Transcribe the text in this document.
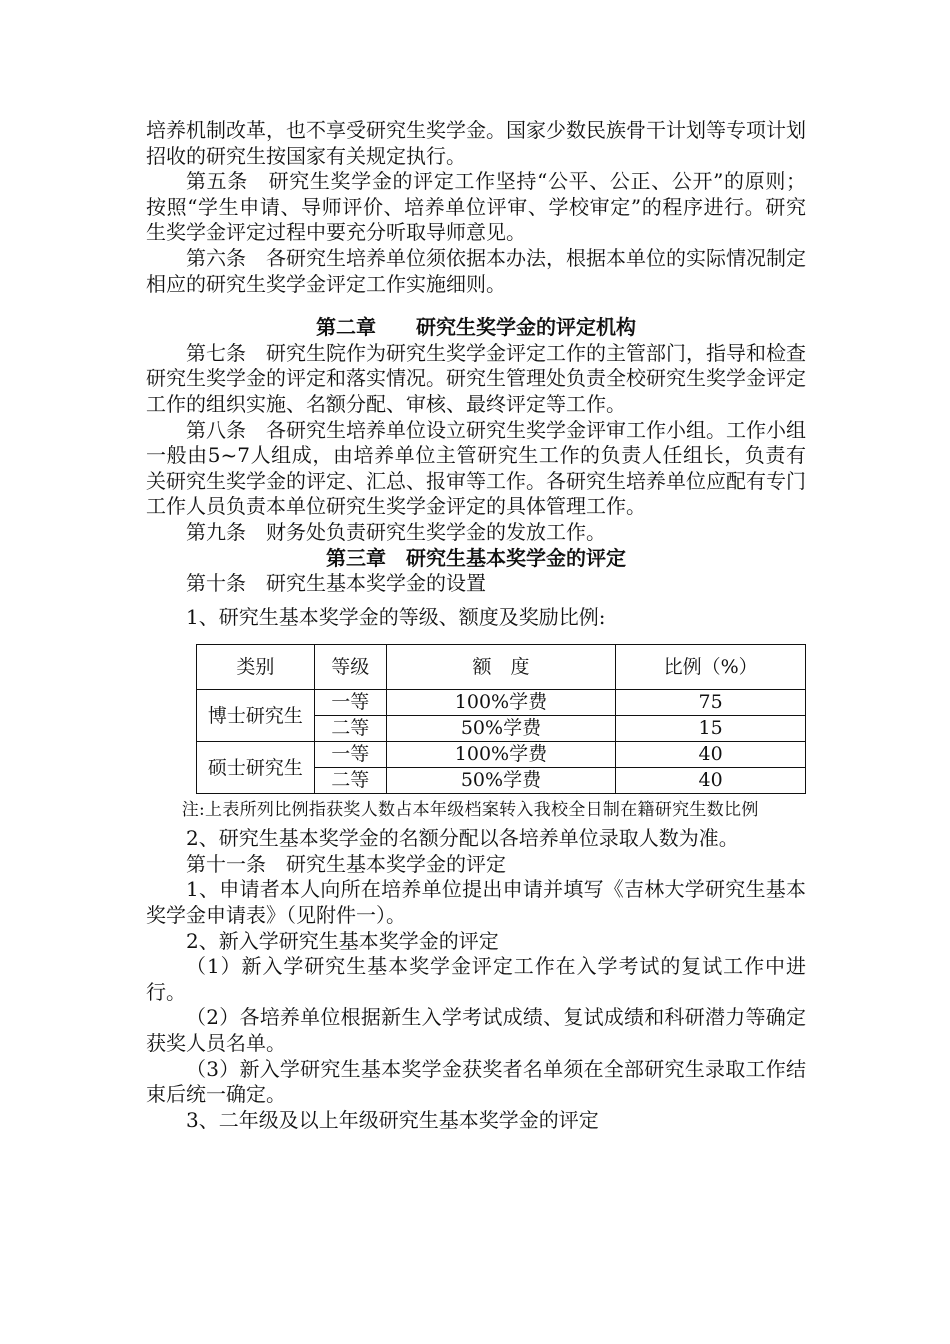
培养机制改革，也不享受研究生奖学金。国家少数民族骨干计划等专项计划招收的研究生按国家有关规定执行。

第五条　研究生奖学金的评定工作坚持“公平、公正、公开”的原则；按照“学生申请、导师评价、培养单位评审、学校审定”的程序进行。研究生奖学金评定过程中要充分听取导师意见。

第六条　各研究生培养单位须依据本办法，根据本单位的实际情况制定相应的研究生奖学金评定工作实施细则。

第二章　　研究生奖学金的评定机构

第七条　研究生院作为研究生奖学金评定工作的主管部门，指导和检查研究生奖学金的评定和落实情况。研究生管理处负责全校研究生奖学金评定工作的组织实施、名额分配、审核、最终评定等工作。

第八条　各研究生培养单位设立研究生奖学金评审工作小组。工作小组一般由5~7人组成，由培养单位主管研究生工作的负责人任组长，负责有关研究生奖学金的评定、汇总、报审等工作。各研究生培养单位应配有专门工作人员负责本单位研究生奖学金评定的具体管理工作。

第九条　财务处负责研究生奖学金的发放工作。

第三章　研究生基本奖学金的评定

第十条　研究生基本奖学金的设置

1、研究生基本奖学金的等级、额度及奖励比例:

类别	等级	额　度	比例（%）
博士研究生	一等	100%学费	75
	二等	50%学费	15
硕士研究生	一等	100%学费	40
	二等	50%学费	40

注:上表所列比例指获奖人数占本年级档案转入我校全日制在籍研究生数比例

2、研究生基本奖学金的名额分配以各培养单位录取人数为准。

第十一条　研究生基本奖学金的评定

1、申请者本人向所在培养单位提出申请并填写《吉林大学研究生基本奖学金申请表》（见附件一）。

2、新入学研究生基本奖学金的评定

（1）新入学研究生基本奖学金评定工作在入学考试的复试工作中进行。

（2）各培养单位根据新生入学考试成绩、复试成绩和科研潜力等确定获奖人员名单。

（3）新入学研究生基本奖学金获奖者名单须在全部研究生录取工作结束后统一确定。

3、二年级及以上年级研究生基本奖学金的评定
